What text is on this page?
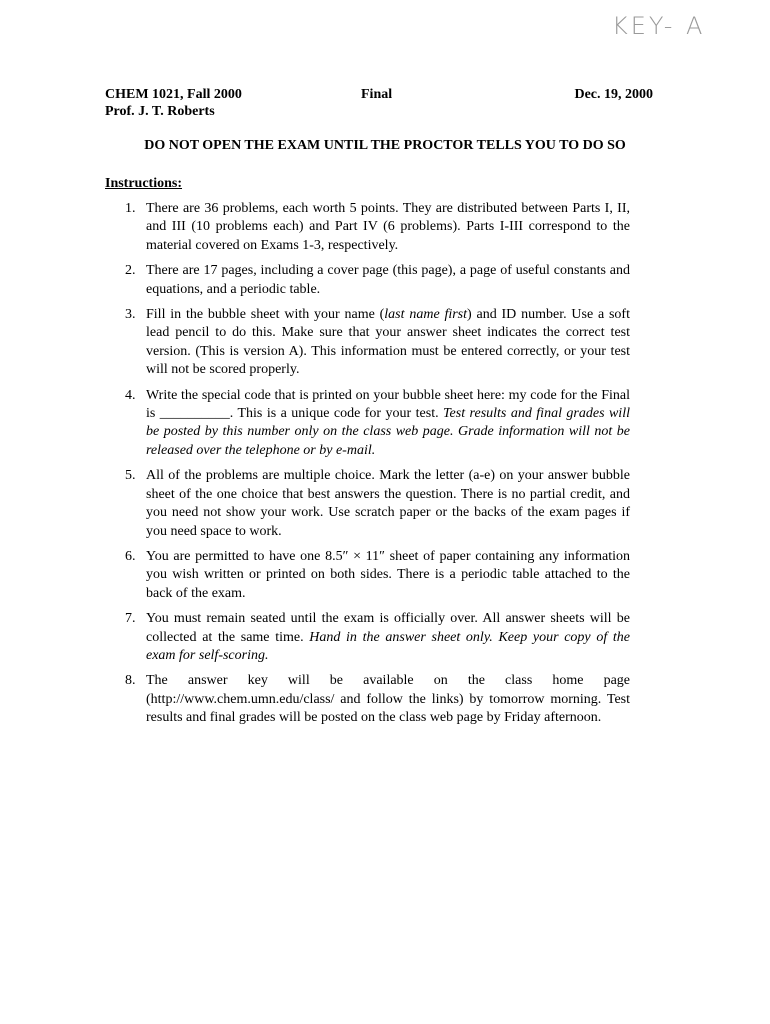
KEY- A
CHEM 1021, Fall 2000	Final	Dec. 19, 2000
Prof. J. T. Roberts
DO NOT OPEN THE EXAM UNTIL THE PROCTOR TELLS YOU TO DO SO
Instructions:
1. There are 36 problems, each worth 5 points. They are distributed between Parts I, II, and III (10 problems each) and Part IV (6 problems). Parts I-III correspond to the material covered on Exams 1-3, respectively.
2. There are 17 pages, including a cover page (this page), a page of useful constants and equations, and a periodic table.
3. Fill in the bubble sheet with your name (last name first) and ID number. Use a soft lead pencil to do this. Make sure that your answer sheet indicates the correct test version. (This is version A). This information must be entered correctly, or your test will not be scored properly.
4. Write the special code that is printed on your bubble sheet here: my code for the Final is __________. This is a unique code for your test. Test results and final grades will be posted by this number only on the class web page. Grade information will not be released over the telephone or by e-mail.
5. All of the problems are multiple choice. Mark the letter (a-e) on your answer bubble sheet of the one choice that best answers the question. There is no partial credit, and you need not show your work. Use scratch paper or the backs of the exam pages if you need space to work.
6. You are permitted to have one 8.5″ × 11″ sheet of paper containing any information you wish written or printed on both sides. There is a periodic table attached to the back of the exam.
7. You must remain seated until the exam is officially over. All answer sheets will be collected at the same time. Hand in the answer sheet only. Keep your copy of the exam for self-scoring.
8. The answer key will be available on the class home page (http://www.chem.umn.edu/class/ and follow the links) by tomorrow morning. Test results and final grades will be posted on the class web page by Friday afternoon.
